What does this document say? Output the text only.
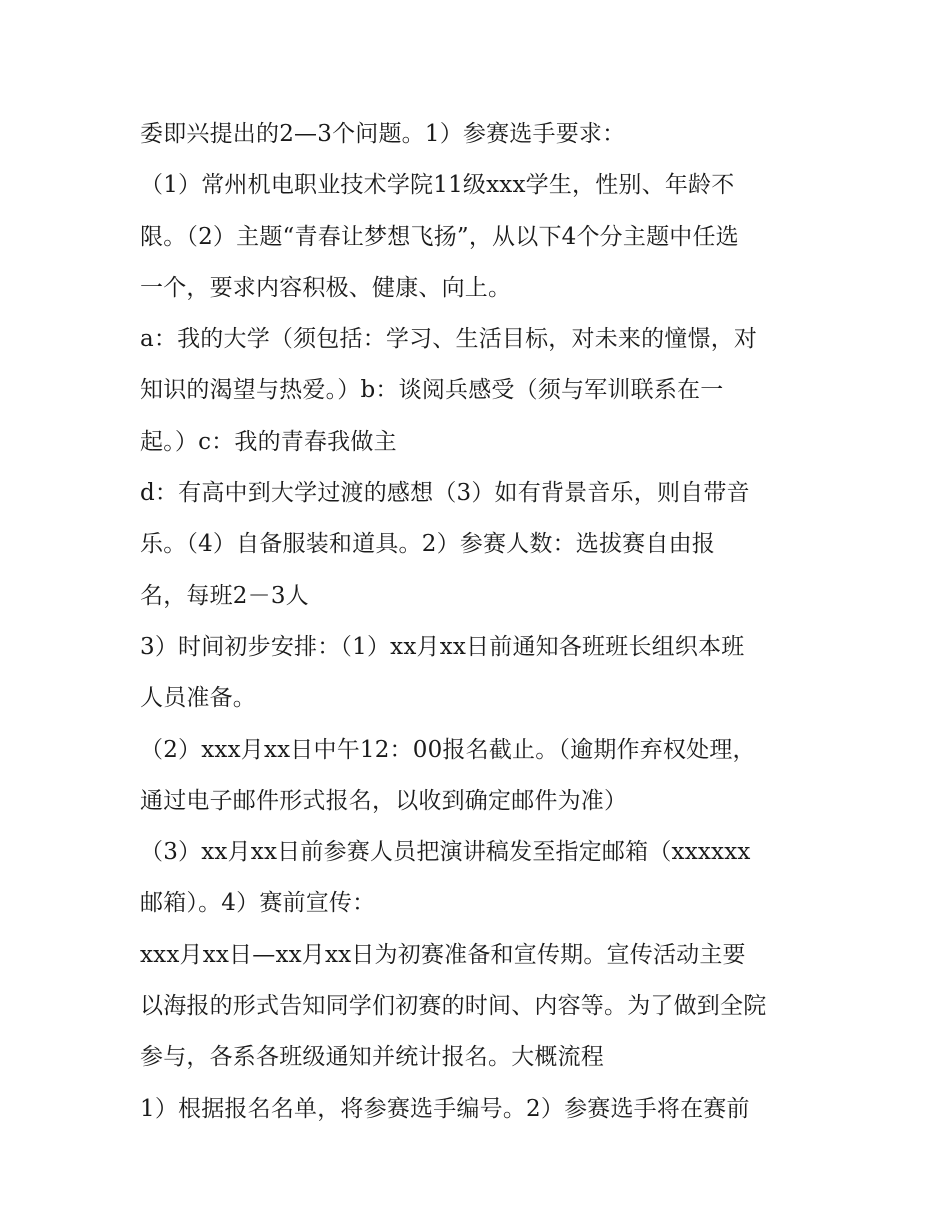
委即兴提出的2—3个问题。1）参赛选手要求：
（1）常州机电职业技术学院11级xxx学生，性别、年龄不
限。（2）主题“青春让梦想飞扬”，从以下4个分主题中任选
一个，要求内容积极、健康、向上。
a：我的大学（须包括：学习、生活目标，对未来的憧憬，对
知识的渴望与热爱。）b：谈阅兵感受（须与军训联系在一
起。）c：我的青春我做主
d：有高中到大学过渡的感想（3）如有背景音乐，则自带音
乐。（4）自备服装和道具。2）参赛人数：选拔赛自由报
名，每班2－3人
3）时间初步安排：（1）xx月xx日前通知各班班长组织本班
人员准备。
（2）xxx月xx日中午12：00报名截止。（逾期作弃权处理，
通过电子邮件形式报名，以收到确定邮件为准）
（3）xx月xx日前参赛人员把演讲稿发至指定邮箱（xxxxxx
邮箱）。4）赛前宣传：
xxx月xx日—xx月xx日为初赛准备和宣传期。宣传活动主要
以海报的形式告知同学们初赛的时间、内容等。为了做到全院
参与，各系各班级通知并统计报名。大概流程
1）根据报名名单，将参赛选手编号。2）参赛选手将在赛前
